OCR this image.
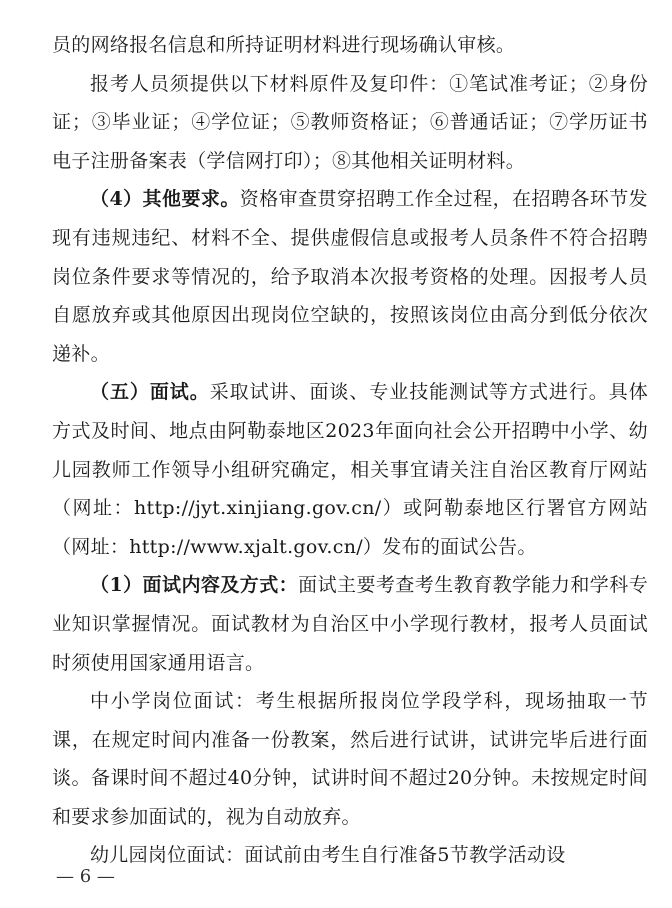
员的网络报名信息和所持证明材料进行现场确认审核。

报考人员须提供以下材料原件及复印件：①笔试准考证；②身份证；③毕业证；④学位证；⑤教师资格证；⑥普通话证；⑦学历证书电子注册备案表（学信网打印）；⑧其他相关证明材料。

（4）其他要求。资格审查贯穿招聘工作全过程，在招聘各环节发现有违规违纪、材料不全、提供虚假信息或报考人员条件不符合招聘岗位条件要求等情况的，给予取消本次报考资格的处理。因报考人员自愿放弃或其他原因出现岗位空缺的，按照该岗位由高分到低分依次递补。

（五）面试。采取试讲、面谈、专业技能测试等方式进行。具体方式及时间、地点由阿勒泰地区2023年面向社会公开招聘中小学、幼儿园教师工作领导小组研究确定，相关事宜请关注自治区教育厅网站（网址：http://jyt.xinjiang.gov.cn/）或阿勒泰地区行署官方网站（网址：http://www.xjalt.gov.cn/）发布的面试公告。

（1）面试内容及方式：面试主要考查考生教育教学能力和学科专业知识掌握情况。面试教材为自治区中小学现行教材，报考人员面试时须使用国家通用语言。

中小学岗位面试：考生根据所报岗位学段学科，现场抽取一节课，在规定时间内准备一份教案，然后进行试讲，试讲完毕后进行面谈。备课时间不超过40分钟，试讲时间不超过20分钟。未按规定时间和要求参加面试的，视为自动放弃。

幼儿园岗位面试：面试前由考生自行准备5节教学活动设

— 6 —
